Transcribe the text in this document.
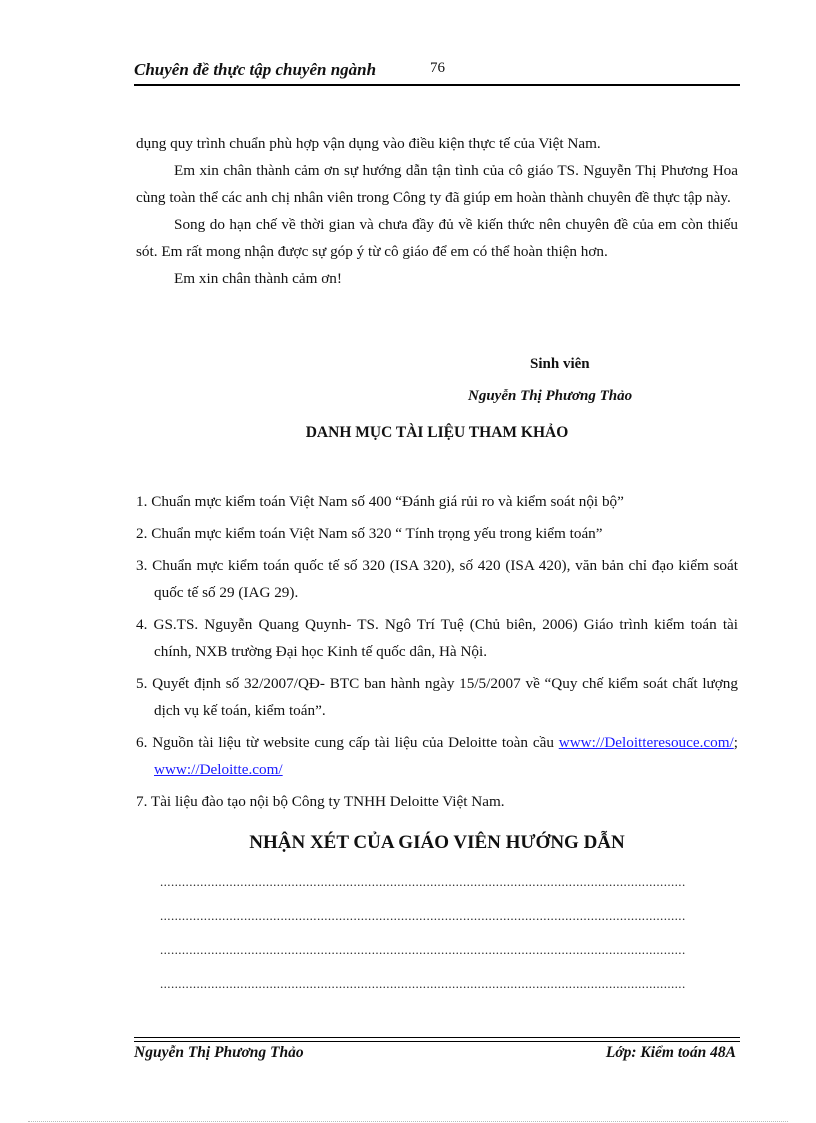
Chuyên đề thực tập chuyên ngành	76

dụng quy trình chuẩn phù hợp vận dụng vào điều kiện thực tế của Việt Nam.

Em xin chân thành cảm ơn sự hướng dẫn tận tình của cô giáo TS. Nguyễn Thị Phương Hoa cùng toàn thể các anh chị nhân viên trong Công ty đã giúp em hoàn thành chuyên đề thực tập này.

Song do hạn chế về thời gian và chưa đầy đủ về kiến thức nên chuyên đề của em còn thiếu sót. Em rất mong nhận được sự góp ý từ cô giáo để em có thể hoàn thiện hơn.

Em xin chân thành cảm ơn!

Sinh viên
Nguyễn Thị Phương Thảo
DANH MỤC TÀI LIỆU THAM KHẢO
1. Chuẩn mực kiểm toán Việt Nam số 400 “Đánh giá rủi ro và kiểm soát nội bộ”
2. Chuẩn mực kiểm toán Việt Nam số 320 “ Tính trọng yếu trong kiểm toán”
3. Chuẩn mực kiểm toán quốc tế số 320 (ISA 320), số 420 (ISA 420), văn bản chỉ đạo kiểm soát quốc tế số 29 (IAG 29).
4. GS.TS. Nguyễn Quang Quynh- TS. Ngô Trí Tuệ (Chủ biên, 2006) Giáo trình kiểm toán tài chính, NXB trường Đại học Kinh tế quốc dân, Hà Nội.
5. Quyết định số 32/2007/QĐ- BTC ban hành ngày 15/5/2007 về “Quy chế kiểm soát chất lượng dịch vụ kế toán, kiểm toán”.
6. Nguồn tài liệu từ website cung cấp tài liệu của Deloitte toàn cầu www://Deloitteresouce.com/; www://Deloitte.com/
7. Tài liệu đào tạo nội bộ Công ty TNHH Deloitte Việt Nam.
NHẬN XÉT CỦA GIÁO VIÊN HƯỚNG DẪN
................................................................................................................................................
................................................................................................................................................
................................................................................................................................................
................................................................................................................................................
Nguyễn Thị Phương Thảo	Lớp: Kiểm toán 48A
